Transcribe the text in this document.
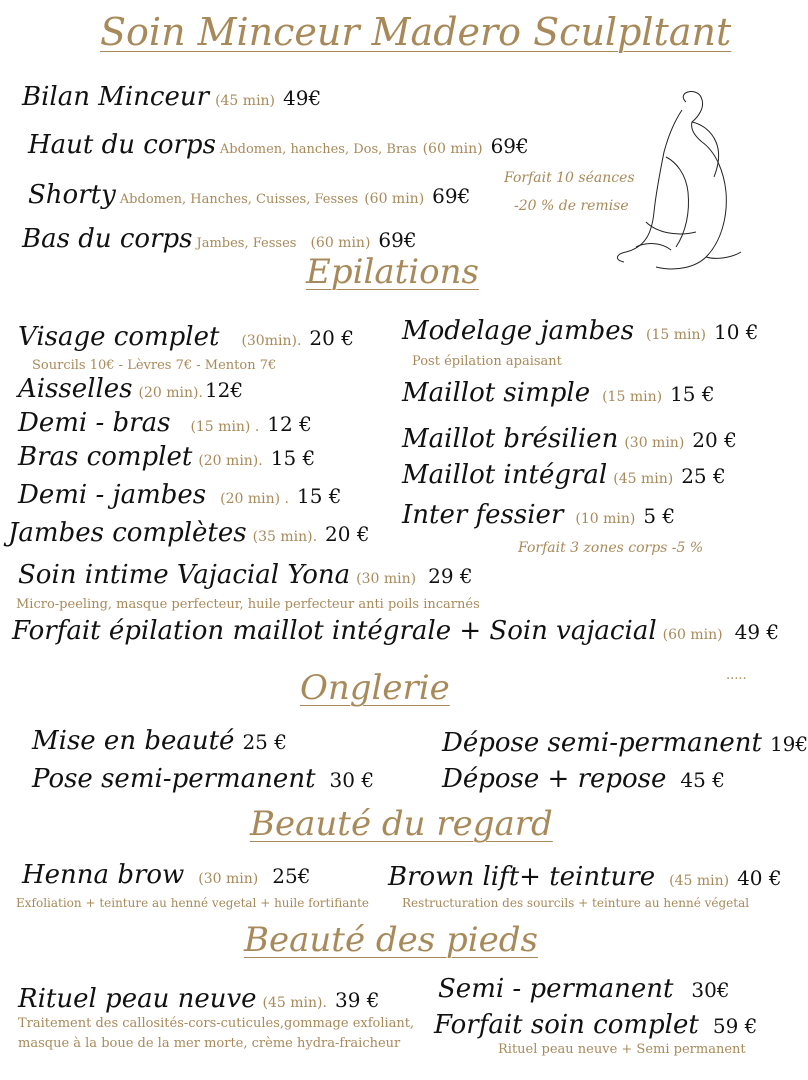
Soin Minceur Madero Sculpltant
Bilan Minceur (45 min) 49€
Haut du corps Abdomen, hanches, Dos, Bras (60 min) 69€
Shorty Abdomen, Hanches, Cuisses, Fesses (60 min) 69€
Bas du corps Jambes, Fesses (60 min) 69€
Forfait 10 séances
-20 % de remise
Epilations
Visage complet (30min). 20 €
Sourcils 10€ - Lèvres 7€ - Menton 7€
Aisselles (20 min). 12€
Demi - bras (15 min) . 12 €
Bras complet (20 min). 15 €
Demi - jambes (20 min) . 15 €
Jambes complètes (35 min). 20 €
Modelage jambes (15 min) 10 €
Post épilation apaisant
Maillot simple (15 min) 15 €
Maillot brésilien (30 min) 20 €
Maillot intégral (45 min) 25 €
Inter fessier (10 min) 5 €
Forfait 3 zones corps -5 %
Soin intime Vajacial Yona (30 min) 29 €
Micro-peeling, masque perfecteur, huile perfecteur anti poils incarnés
Forfait épilation maillot intégrale + Soin vajacial (60 min) 49 €
.....
Onglerie
Mise en beauté 25 €
Pose semi-permanent 30 €
Dépose semi-permanent 19€
Dépose + repose 45 €
Beauté du regard
Henna brow (30 min) 25€
Exfoliation + teinture au henné vegetal + huile fortifiante
Brown lift+ teinture (45 min) 40 €
Restructuration des sourcils + teinture au henné végetal
Beauté des pieds
Rituel peau neuve (45 min). 39 €
Traitement des callosités-cors-cuticules,gommage exfoliant,
masque à la boue de la mer morte, crème hydra-fraicheur
Semi - permanent 30€
Forfait soin complet 59 €
Rituel peau neuve + Semi permanent
